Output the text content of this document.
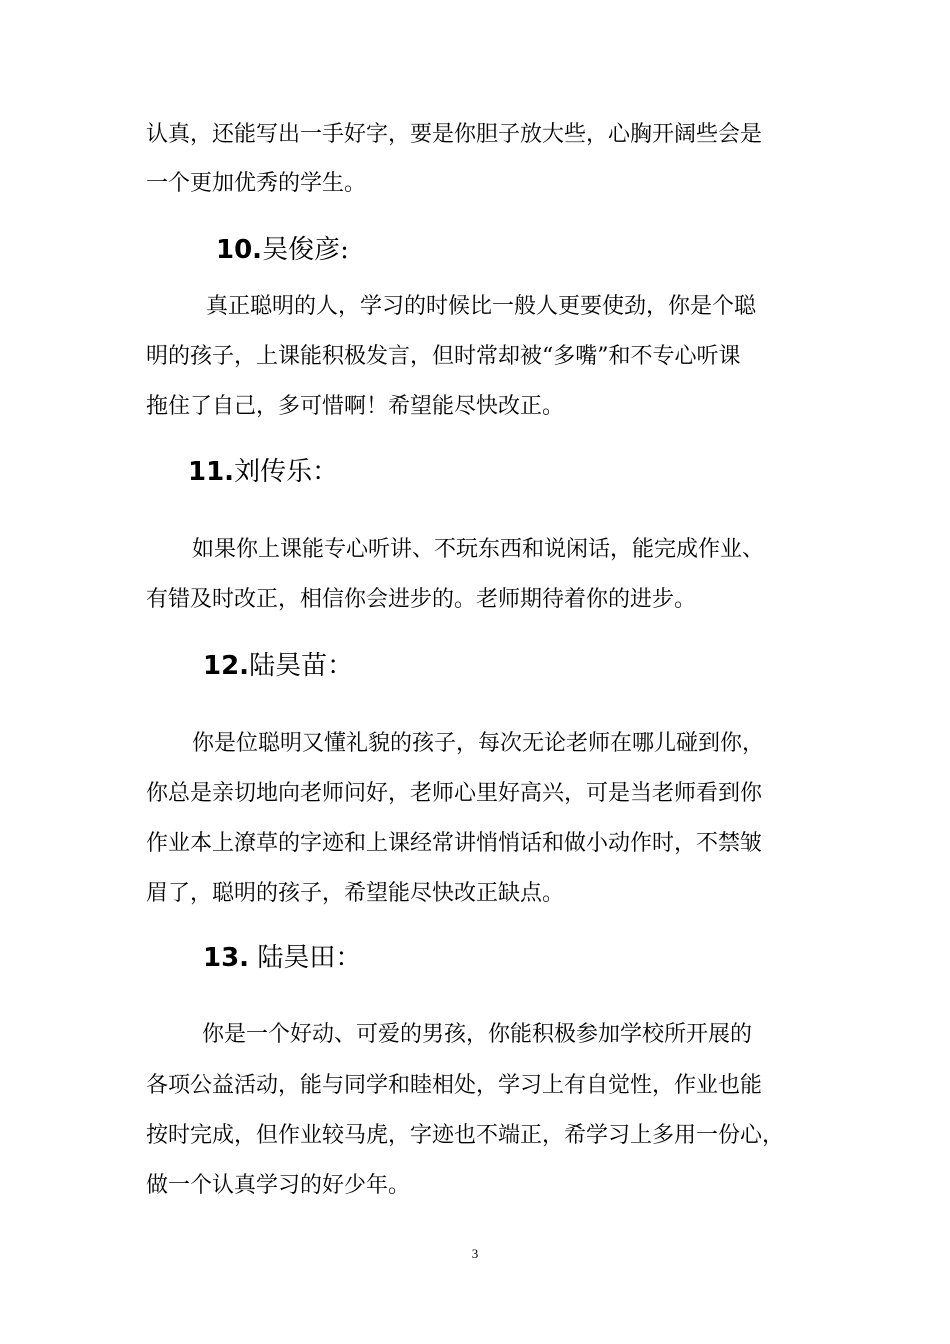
认真，还能写出一手好字，要是你胆子放大些，心胸开阔些会是
一个更加优秀的学生。
10.吴俊彦:
真正聪明的人，学习的时候比一般人更要使劲，你是个聪
明的孩子，上课能积极发言，但时常却被“多嘴”和不专心听课
拖住了自己，多可惜啊！希望能尽快改正。
11.刘传乐：
如果你上课能专心听讲、不玩东西和说闲话，能完成作业、
有错及时改正，相信你会进步的。老师期待着你的进步。
12.陆昊苗：
你是位聪明又懂礼貌的孩子，每次无论老师在哪儿碰到你，
你总是亲切地向老师问好，老师心里好高兴，可是当老师看到你
作业本上潦草的字迹和上课经常讲悄悄话和做小动作时，不禁皱
眉了，聪明的孩子，希望能尽快改正缺点。
13. 陆昊田：
你是一个好动、可爱的男孩，你能积极参加学校所开展的
各项公益活动，能与同学和睦相处，学习上有自觉性，作业也能
按时完成，但作业较马虎，字迹也不端正，希学习上多用一份心，
做一个认真学习的好少年。
3
